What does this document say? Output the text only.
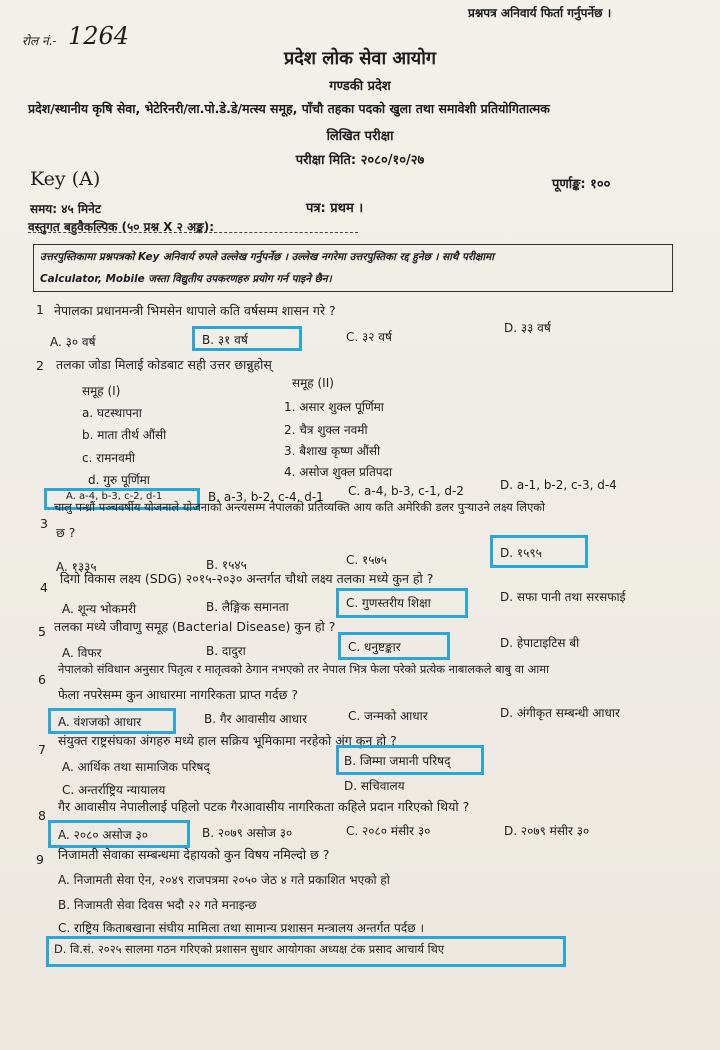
प्रश्नपत्र अनिवार्य फिर्ता गर्नुपर्नेछ ।
रोल नं.- 1264
प्रदेश लोक सेवा आयोग
गण्डकी प्रदेश
प्रदेश/स्थानीय कृषि सेवा, भेटेरिनरी/ला.पो.डे.डे/मत्स्य समूह, पाँचौ तहका पदको खुला तथा समावेशी प्रतियोगितात्मक
लिखित परीक्षा
परीक्षा मिति: २०८०/१०/२७
Key (A)	पूर्णाङ्क: १००
समय: ४५ मिनेट	पत्र: प्रथम ।
वस्तुगत बहुवैकल्पिक (५० प्रश्न X २ अङ्क):
उत्तरपुस्तिकामा प्रश्नपत्रको Key अनिवार्य रुपले उल्लेख गर्नुपर्नेछ । उल्लेख नगरेमा उत्तरपुस्तिका रद्द हुनेछ । साथै परीक्षामा
Calculator, Mobile जस्ता विद्युतीय उपकरणहरु प्रयोग गर्न पाइने छैन।
1 नेपालका प्रधानमन्त्री भिमसेन थापाले कति वर्षसम्म शासन गरे ?
A. ३० वर्ष	B. ३१ वर्ष	C. ३२ वर्ष
D. ३३ वर्ष
2 तलका जोडा मिलाई कोडबाट सही उत्तर छान्नुहोस्
समूह (I)
समूह (II)
a. घटस्थापना
b. माता तीर्थ औंसी
c. रामनवमी
d. गुरु पूर्णिमा
1. असार शुक्ल पूर्णिमा
2. चैत्र शुक्ल नवमी
3. बैशाख कृष्ण औंसी
4. असोज शुक्ल प्रतिपदा
A. a-4, b-3, c-2, d-1	B. a-3, b-2, c-4, d-1 C. a-4, b-3, c-1, d-2	D. a-1, b-2, c-3, d-4
3
चालु पन्ध्रौं पञ्चवर्षीय योजनाले योजनाको अन्त्यसम्म नेपालको प्रतिव्यक्ति आय कति अमेरिकी डलर पुऱ्याउने लक्ष्य लिएको
छ ?
A. १३३५	B. १५४५	C. १५७५	D. १५९५
4
दिगो विकास लक्ष्य (SDG) २०१५-२०३० अन्तर्गत चौथो लक्ष्य तलका मध्ये कुन हो ?
A. शून्य भोकमरी	B. लैङ्गिक समानता	C. गुणस्तरीय शिक्षा	D. सफा पानी तथा सरसफाई
5 तलका मध्ये जीवाणु समूह (Bacterial Disease) कुन हो ?
A. विफर	B. दादुरा	C. धनुष्टङ्कार	D. हेपाटाइटिस बी
6
नेपालको संविधान अनुसार पितृत्व र मातृत्वको ठेगान नभएको तर नेपाल भित्र फेला परेको प्रत्येक नाबालकले बाबु वा आमा
फेला नपरेसम्म कुन आधारमा नागरिकता प्राप्त गर्दछ ?
A. वंशजको आधार	B. गैर आवासीय आधार	C. जन्मको आधार	D. अंगीकृत सम्बन्धी आधार
7
संयुक्त राष्ट्रसंघका अंगहरु मध्ये हाल सक्रिय भूमिकामा नरहेको अंग कुन हो ?
A. आर्थिक तथा सामाजिक परिषद्	B. जिम्मा जमानी परिषद्
C. अन्तर्राष्ट्रिय न्यायालय	D. सचिवालय
8
गैर आवासीय नेपालीलाई पहिलो पटक गैरआवासीय नागरिकता कहिले प्रदान गरिएको थियो ?
A. २०८० असोज ३०	B. २०७९ असोज ३०	C. २०८० मंसीर ३०	D. २०७९ मंसीर ३०
9 निजामती सेवाका सम्बन्धमा देहायको कुन विषय नमिल्दो छ ?
A. निजामती सेवा ऐन, २०४९ राजपत्रमा २०५० जेठ ४ गते प्रकाशित भएको हो
B. निजामती सेवा दिवस भदौ २२ गते मनाइन्छ
C. राष्ट्रिय किताबखाना संघीय मामिला तथा सामान्य प्रशासन मन्त्रालय अन्तर्गत पर्दछ ।
D. वि.सं. २०२५ सालमा गठन गरिएको प्रशासन सुधार आयोगका अध्यक्ष टंक प्रसाद आचार्य थिए
